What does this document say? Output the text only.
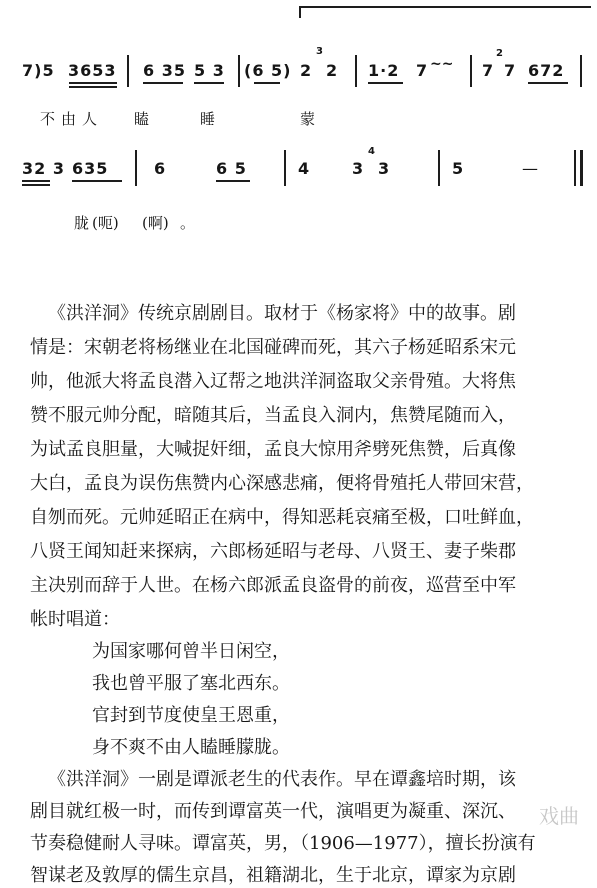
7)5 3653 6 35 5 3 (6 5) 2
3
2 1·2 7 ~~ 7
2
7 672
不由人 瞌	睡	蒙
32 3 635	6	6 5	4	3
4
3	5	—
胧 (呃) (啊) 。
《洪洋洞》传统京剧剧目。取材于《杨家将》中的故事。剧
情是：宋朝老将杨继业在北国碰碑而死，其六子杨延昭系宋元
帅，他派大将孟良潜入辽帮之地洪洋洞盗取父亲骨殖。大将焦
赞不服元帅分配，暗随其后，当孟良入洞内，焦赞尾随而入，
为试孟良胆量，大喊捉奸细，孟良大惊用斧劈死焦赞，后真像
大白，孟良为误伤焦赞内心深感悲痛，便将骨殖托人带回宋营，
自刎而死。元帅延昭正在病中，得知恶耗哀痛至极，口吐鲜血，
八贤王闻知赶来探病，六郎杨延昭与老母、八贤王、妻子柴郡
主决别而辞于人世。在杨六郎派孟良盗骨的前夜，巡营至中军
帐时唱道：
为国家哪何曾半日闲空，
我也曾平服了塞北西东。
官封到节度使皇王恩重，
身不爽不由人瞌睡朦胧。
《洪洋洞》一剧是谭派老生的代表作。早在谭鑫培时期，该
剧目就红极一时，而传到谭富英一代，演唱更为凝重、深沉、
节奏稳健耐人寻味。谭富英，男，（1906—1977），擅长扮演有
智谋老及敦厚的儒生京昌，祖籍湖北，生于北京，谭家为京剧
戏曲
